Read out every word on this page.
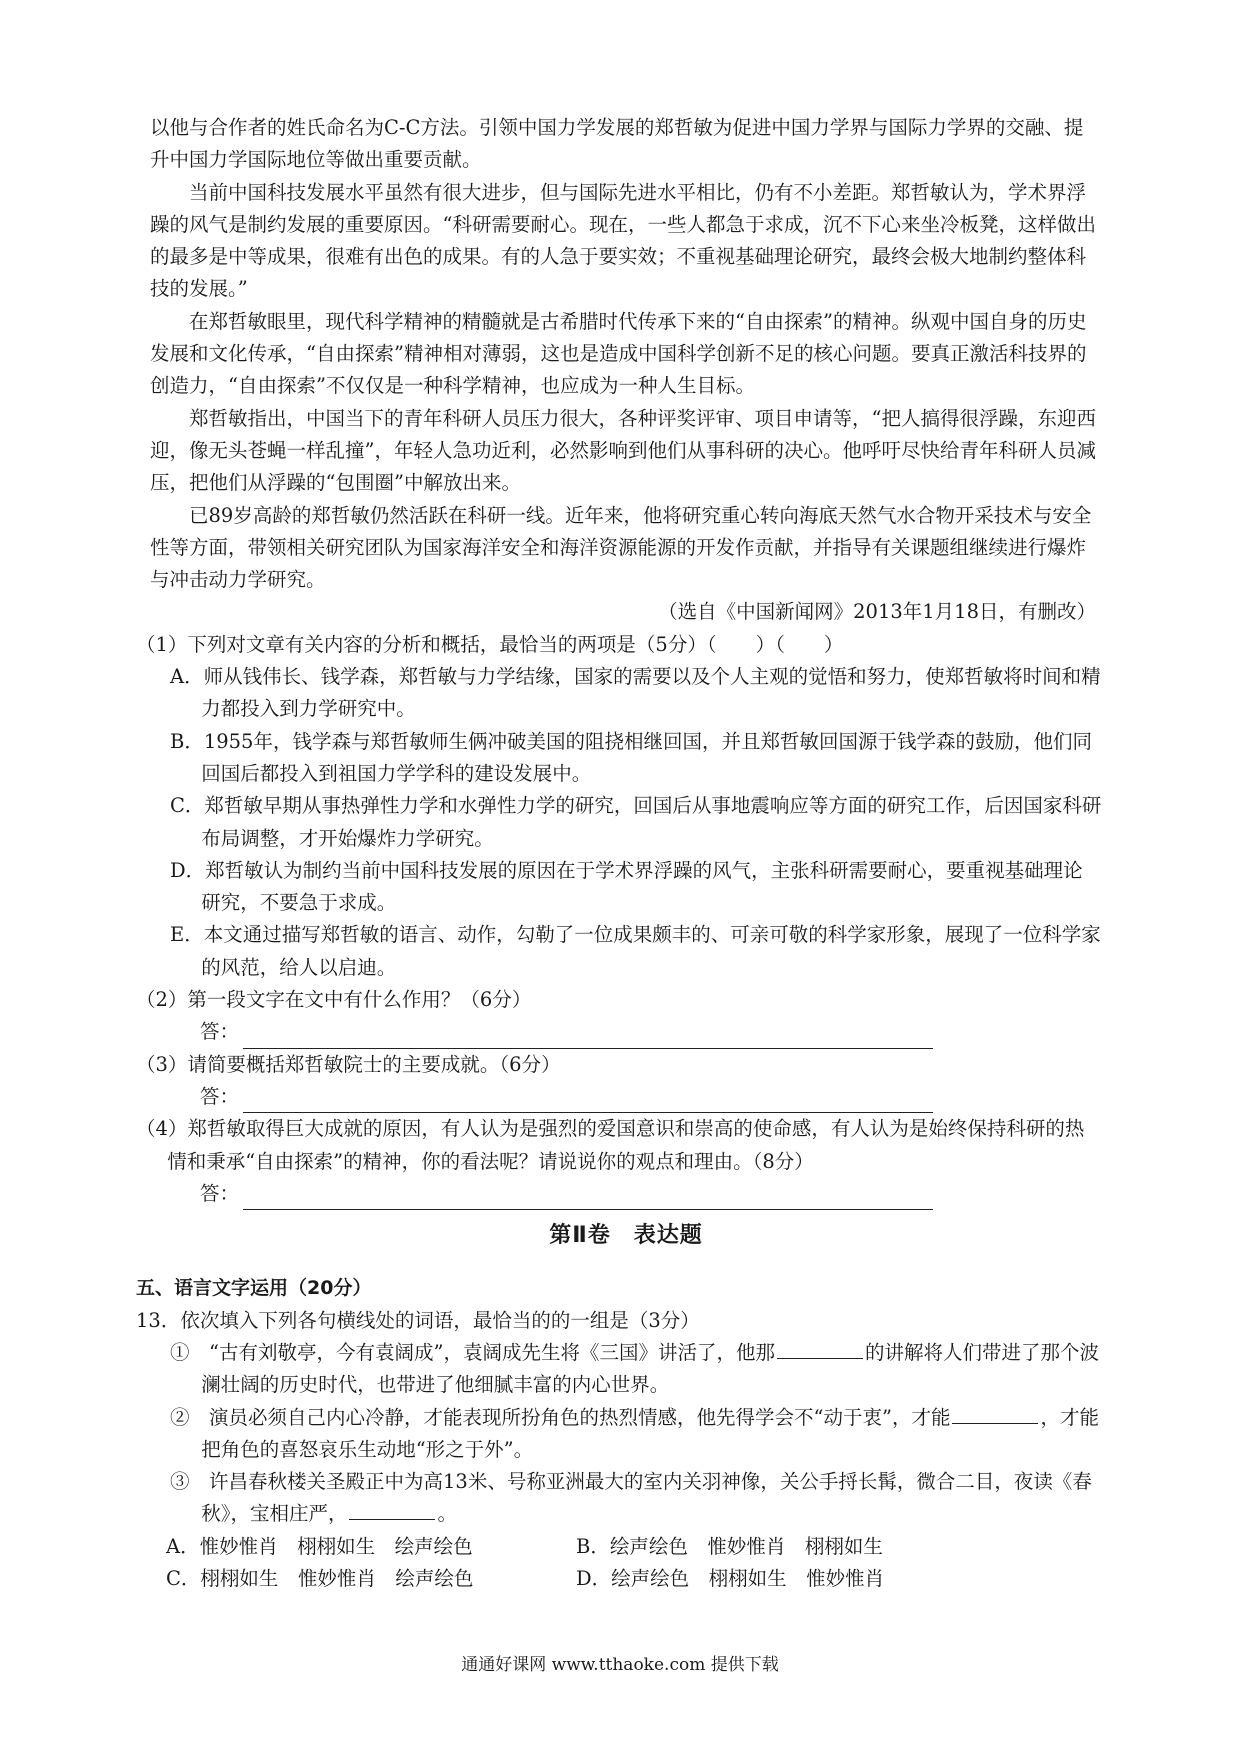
以他与合作者的姓氏命名为C-C方法。引领中国力学发展的郑哲敏为促进中国力学界与国际力学界的交融、提升中国力学国际地位等做出重要贡献。

当前中国科技发展水平虽然有很大进步，但与国际先进水平相比，仍有不小差距。郑哲敏认为，学术界浮躁的风气是制约发展的重要原因。“科研需要耐心。现在，一些人都急于求成，沉不下心来坐冷板凳，这样做出的最多是中等成果，很难有出色的成果。有的人急于要实效；不重视基础理论研究，最终会极大地制约整体科技的发展。”

在郑哲敏眼里，现代科学精神的精髓就是古希腊时代传承下来的“自由探索”的精神。纵观中国自身的历史发展和文化传承，“自由探索”精神相对薄弱，这也是造成中国科学创新不足的核心问题。要真正激活科技界的创造力，“自由探索”不仅仅是一种科学精神，也应成为一种人生目标。

郑哲敏指出，中国当下的青年科研人员压力很大，各种评奖评审、项目申请等，“把人搞得很浮躁，东迎西迎，像无头苍蝇一样乱撞”，年轻人急功近利，必然影响到他们从事科研的决心。他呼吁尽快给青年科研人员减压，把他们从浮躁的“包围圈”中解放出来。

已89岁高龄的郑哲敏仍然活跃在科研一线。近年来，他将研究重心转向海底天然气水合物开采技术与安全性等方面，带领相关研究团队为国家海洋安全和海洋资源能源的开发作贡献，并指导有关课题组继续进行爆炸与冲击动力学研究。

（选自《中国新闻网》2013年1月18日，有删改）

（1）下列对文章有关内容的分析和概括，最恰当的两项是（5分）（　　）（　　）

A．师从钱伟长、钱学森，郑哲敏与力学结缘，国家的需要以及个人主观的觉悟和努力，使郑哲敏将时间和精力都投入到力学研究中。

B．1955年，钱学森与郑哲敏师生俩冲破美国的阻挠相继回国，并且郑哲敏回国源于钱学森的鼓励，他们同回国后都投入到祖国力学学科的建设发展中。

C．郑哲敏早期从事热弹性力学和水弹性力学的研究，回国后从事地震响应等方面的研究工作，后因国家科研布局调整，才开始爆炸力学研究。

D．郑哲敏认为制约当前中国科技发展的原因在于学术界浮躁的风气，主张科研需要耐心，要重视基础理论研究，不要急于求成。

E．本文通过描写郑哲敏的语言、动作，勾勒了一位成果颇丰的、可亲可敬的科学家形象，展现了一位科学家的风范，给人以启迪。

（2）第一段文字在文中有什么作用？（6分）

答：

（3）请简要概括郑哲敏院士的主要成就。（6分）

答：

（4）郑哲敏取得巨大成就的原因，有人认为是强烈的爱国意识和崇高的使命感，有人认为是始终保持科研的热情和秉承“自由探索”的精神，你的看法呢？请说说你的观点和理由。（8分）

答：
第Ⅱ卷　表达题

五、语言文字运用（20分）

13．依次填入下列各句横线处的词语，最恰当的的一组是（3分）

①　“古有刘敬亭，今有袁阔成”，袁阔成先生将《三国》讲活了，他那	的讲解将人们带进了那个波澜壮阔的历史时代，也带进了他细腻丰富的内心世界。

②　演员必须自己内心冷静，才能表现所扮角色的热烈情感，他先得学会不“动于衷”，才能	，才能把角色的喜怒哀乐生动地“形之于外”。

③　许昌春秋楼关圣殿正中为高13米、号称亚洲最大的室内关羽神像，关公手捋长髯，微合二目，夜读《春秋》，宝相庄严，	。

A．惟妙惟肖　栩栩如生　绘声绘色	B．绘声绘色　惟妙惟肖　栩栩如生
C．栩栩如生　惟妙惟肖　绘声绘色	D．绘声绘色　栩栩如生　惟妙惟肖
通通好课网 www.tthaoke.com 提供下载
